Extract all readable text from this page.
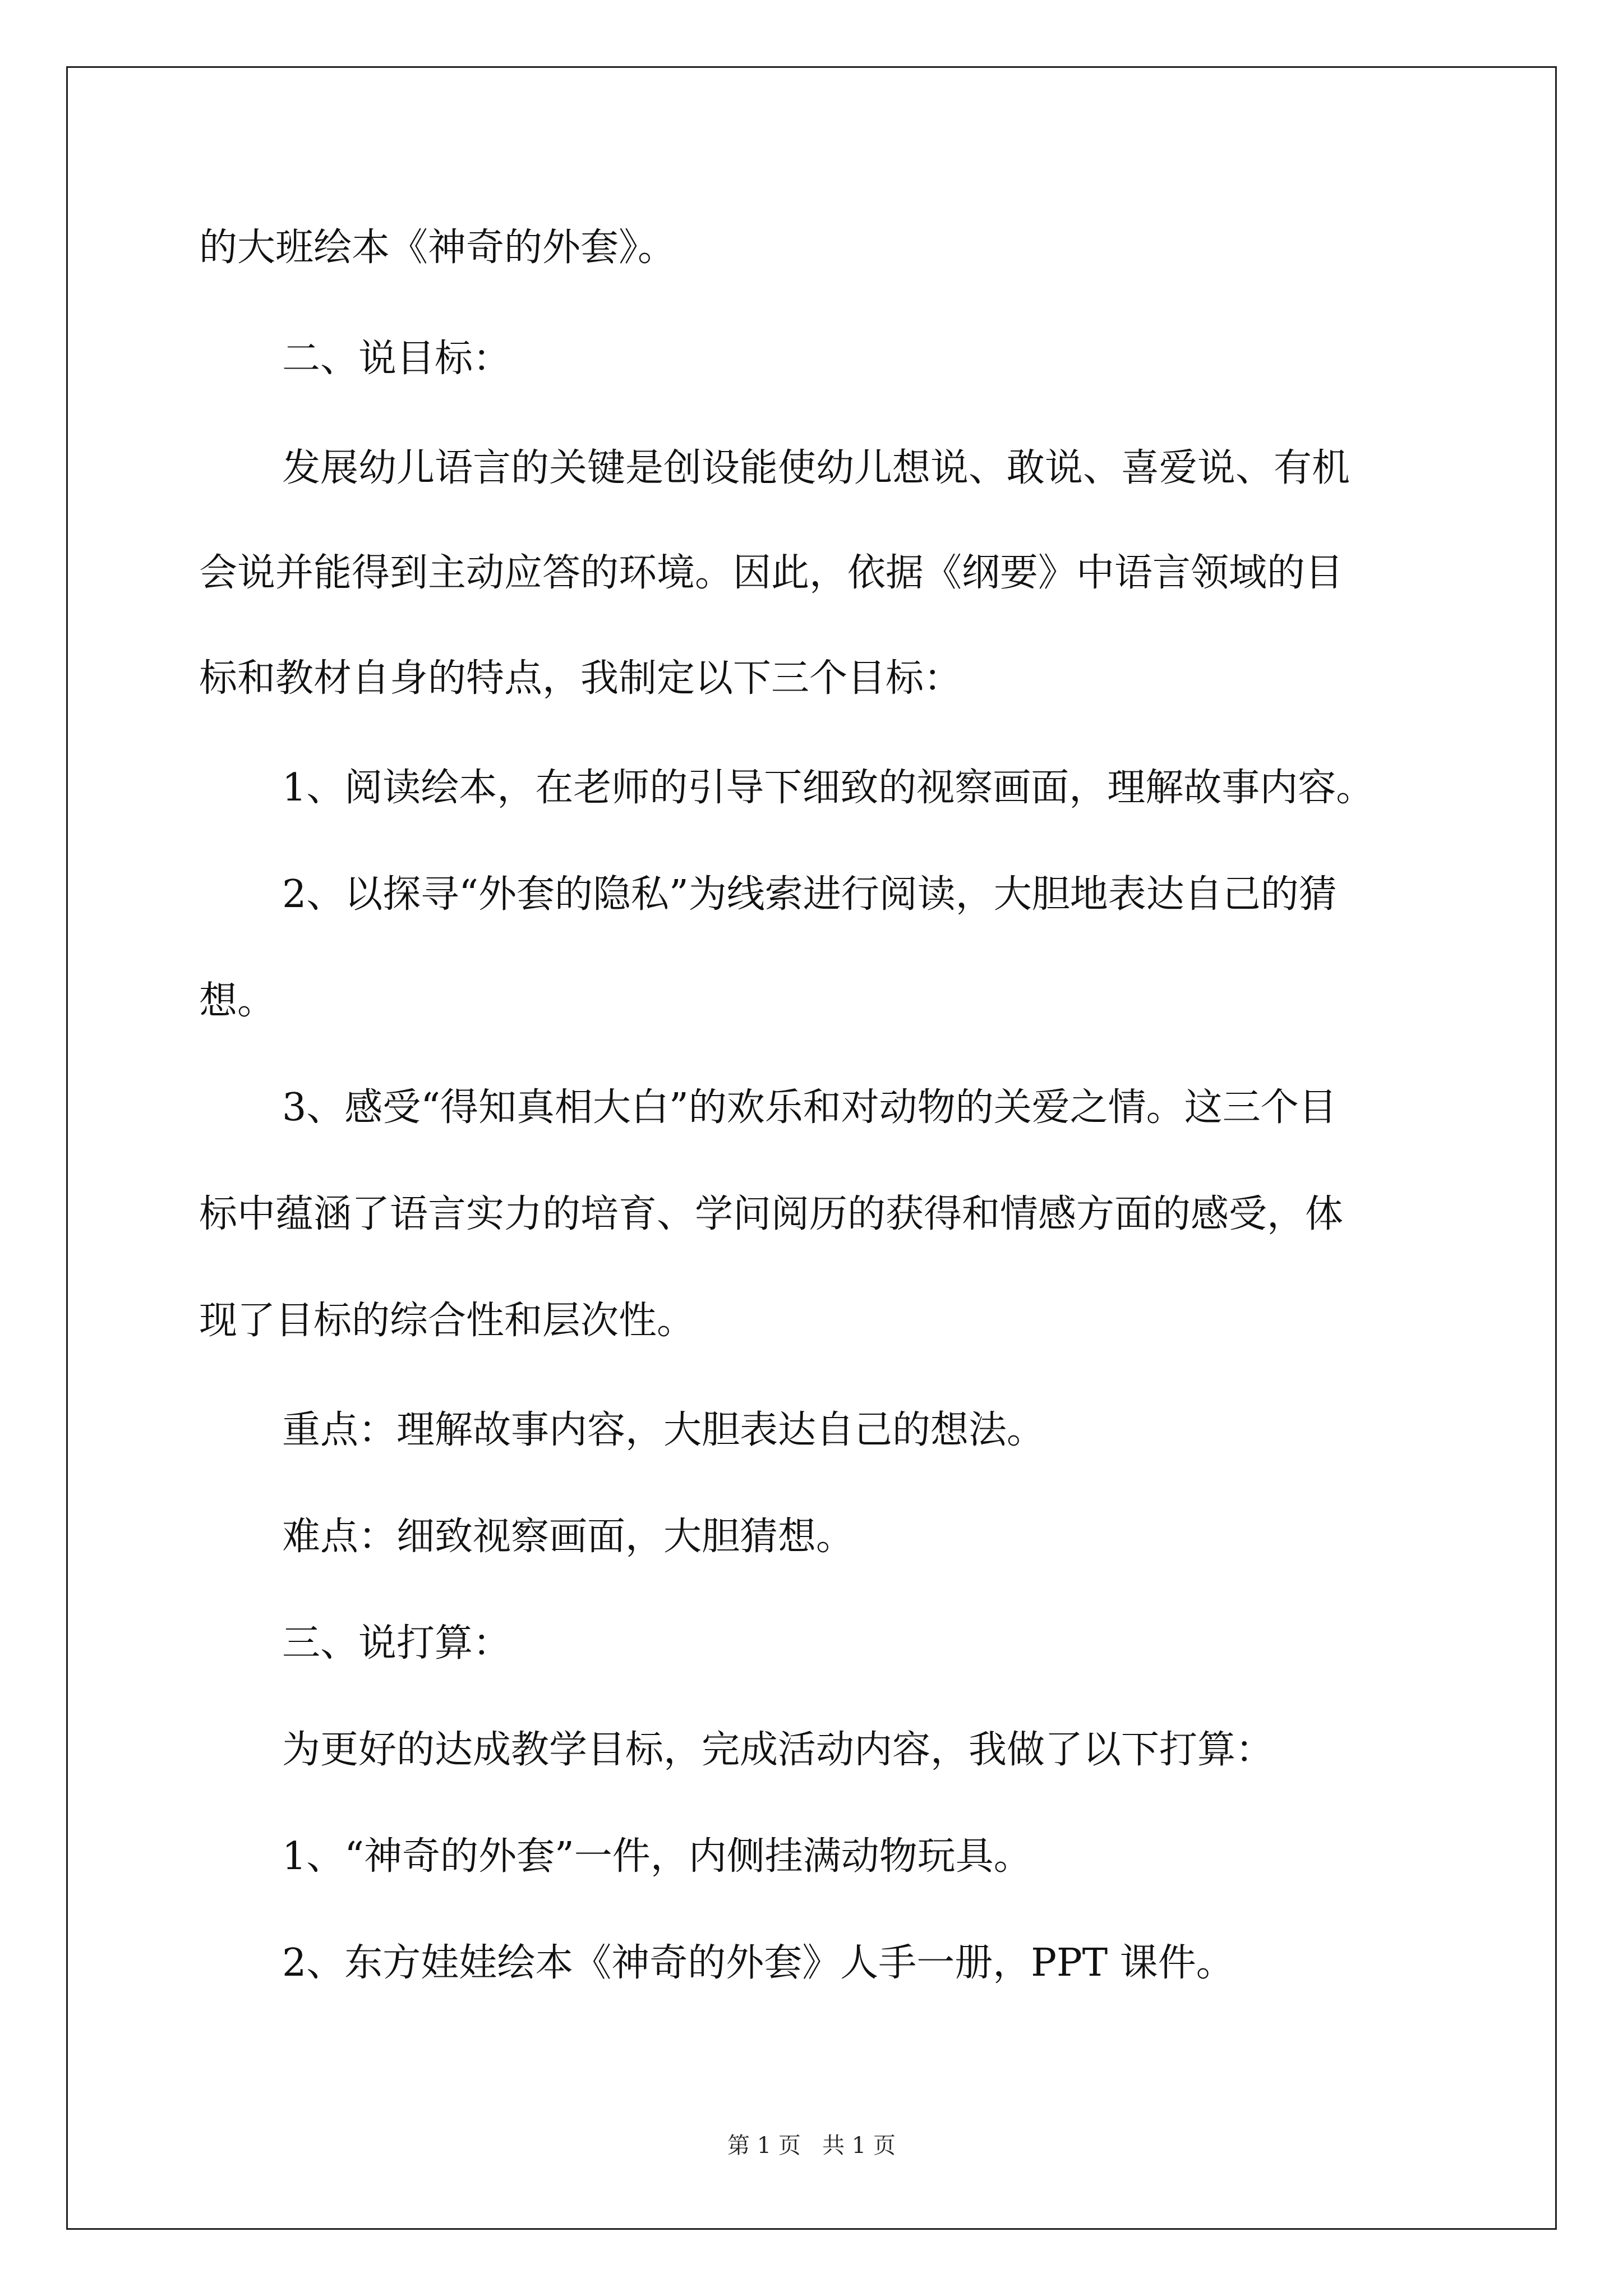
的大班绘本《神奇的外套》。
二、说目标：
发展幼儿语言的关键是创设能使幼儿想说、敢说、喜爱说、有机
会说并能得到主动应答的环境。因此，依据《纲要》中语言领域的目
标和教材自身的特点，我制定以下三个目标：
1、阅读绘本，在老师的引导下细致的视察画面，理解故事内容。
2、以探寻“外套的隐私”为线索进行阅读，大胆地表达自己的猜
想。
3、感受“得知真相大白”的欢乐和对动物的关爱之情。这三个目
标中蕴涵了语言实力的培育、学问阅历的获得和情感方面的感受，体
现了目标的综合性和层次性。
重点：理解故事内容，大胆表达自己的想法。
难点：细致视察画面，大胆猜想。
三、说打算：
为更好的达成教学目标，完成活动内容，我做了以下打算：
1、“神奇的外套”一件，内侧挂满动物玩具。
2、东方娃娃绘本《神奇的外套》人手一册，PPT 课件。
第 1 页   共 1 页
